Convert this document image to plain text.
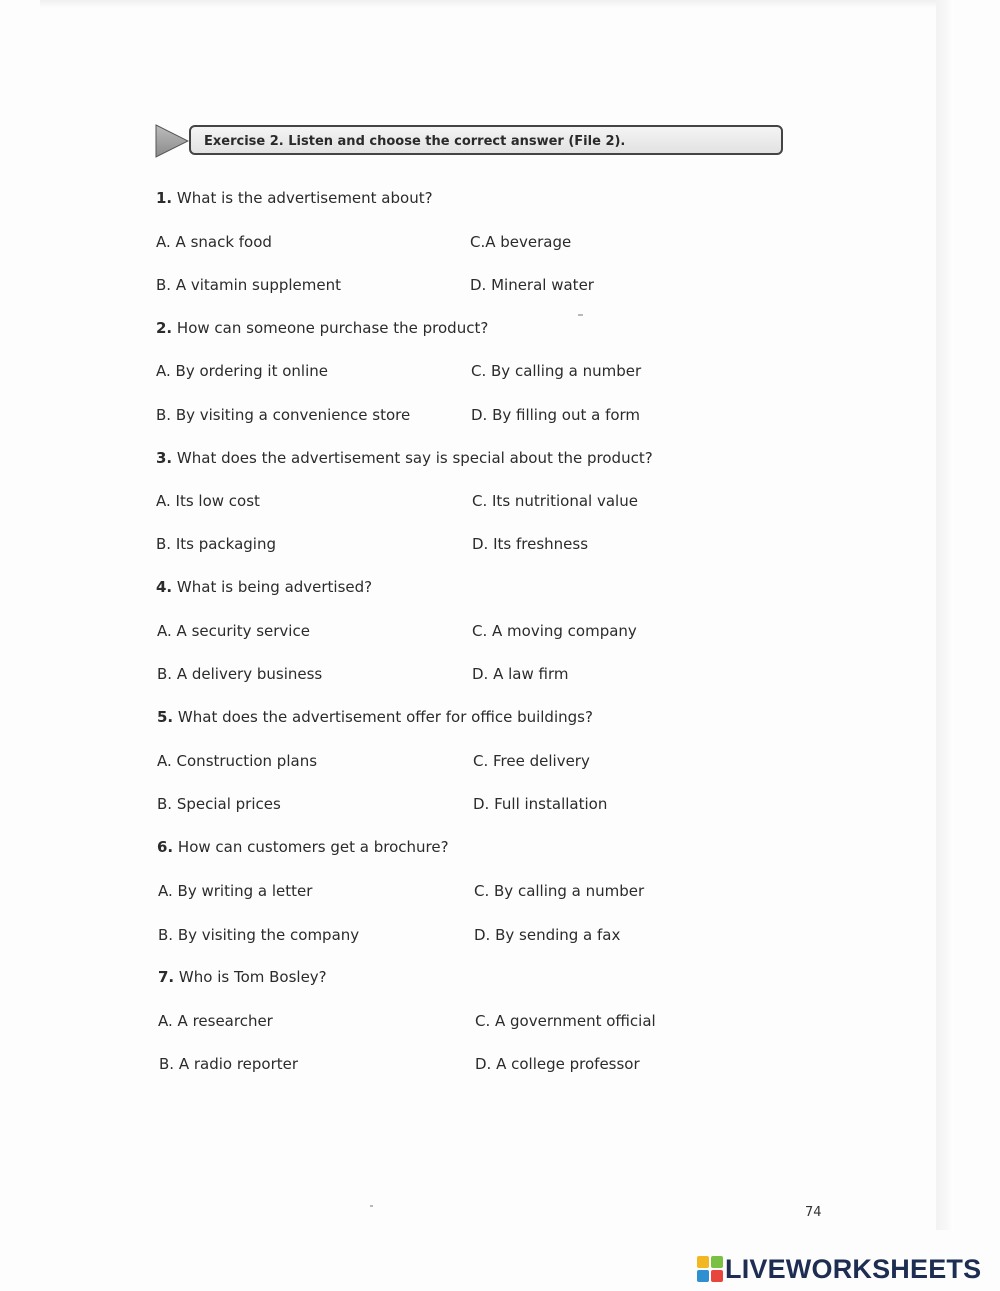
Exercise 2. Listen and choose the correct answer (File 2).
1. What is the advertisement about?
A. A snack food	C.A beverage
B. A vitamin supplement	D. Mineral water
2. How can someone purchase the product?
A. By ordering it online	C. By calling a number
B. By visiting a convenience store	D. By filling out a form
3. What does the advertisement say is special about the product?
A. Its low cost	C. Its nutritional value
B. Its packaging	D. Its freshness
4. What is being advertised?
A. A security service	C. A moving company
B. A delivery business	D. A law firm
5. What does the advertisement offer for office buildings?
A. Construction plans	C. Free delivery
B. Special prices	D. Full installation
6. How can customers get a brochure?
A. By writing a letter	C. By calling a number
B. By visiting the company	D. By sending a fax
7. Who is Tom Bosley?
A. A researcher	C. A government official
B. A radio reporter	D. A college professor
74
LIVEWORKSHEETS
